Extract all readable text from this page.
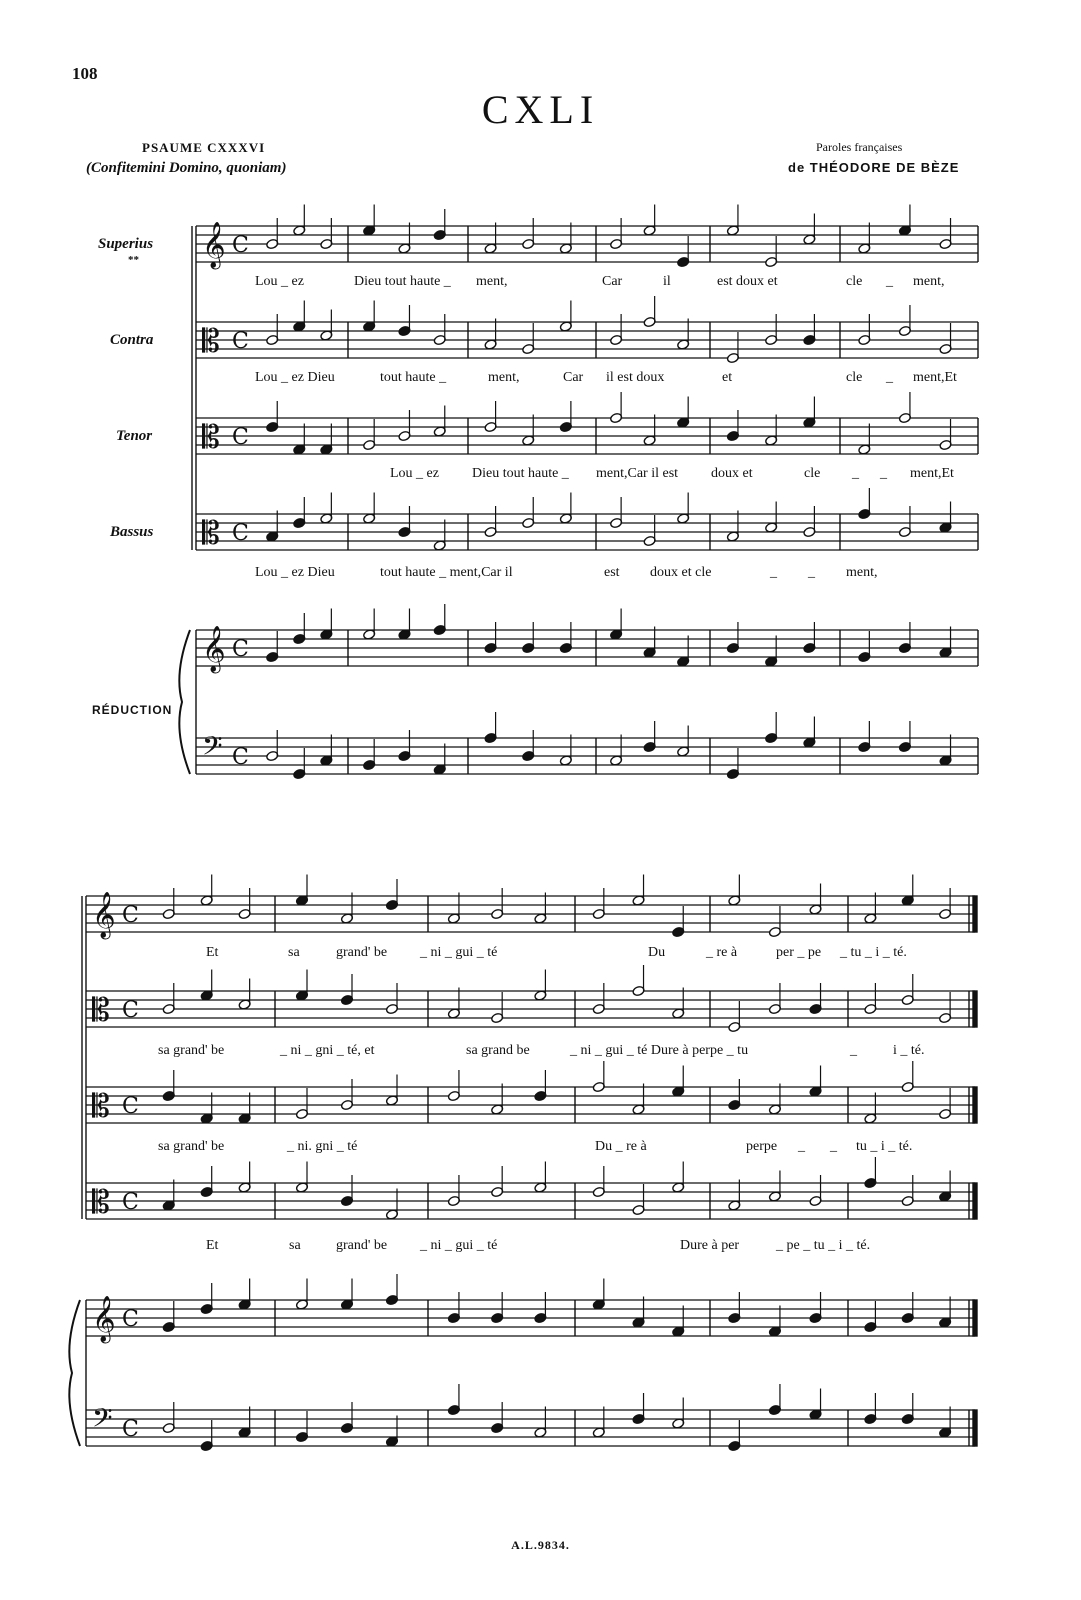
108
CXLI
PSAUME CXXXVI
(Confitemini Domino, quoniam)
Paroles françaises
de THÉODORE DE BÈZE
Superius
**
Contra
Tenor
Bassus
RÉDUCTION
Lou _ ez	Dieu tout haute _ ment,	Car	il	est doux et	cle _ ment,
Lou _ ez Dieu	tout haute _	ment,	Car il est doux	et	cle _ ment,Et
Lou _ ez Dieu tout haute _ ment,Car il est doux et	cle _ _ ment,Et
Lou _ ez Dieu	tout haute _ ment,Car il	est doux et cle	_ _ ment,
Et	sa	grand' be _ ni _ gui _ té	Du	_ re à	per _ pe _ tu _ i _ té.
sa grand' be	_ ni _ gni _ té, et	sa grand be	_ ni _ gui _ té Dure à perpe _ tu	_	i _ té.
sa grand' be	_ ni. gni _ té	Du _ re à	perpe _ _ tu _ i _ té.
Et	sa	grand' be _ ni _ gui _ té	Dure à per	_ pe _ tu _ i _ té.
A.L.9834.
𝄞 C
𝄡 C
𝄡 C
𝄡 C
𝄞 C
𝄢 C
𝄞 C
𝄡 C
𝄡 C
𝄡 C
𝄞 C
𝄢 C
